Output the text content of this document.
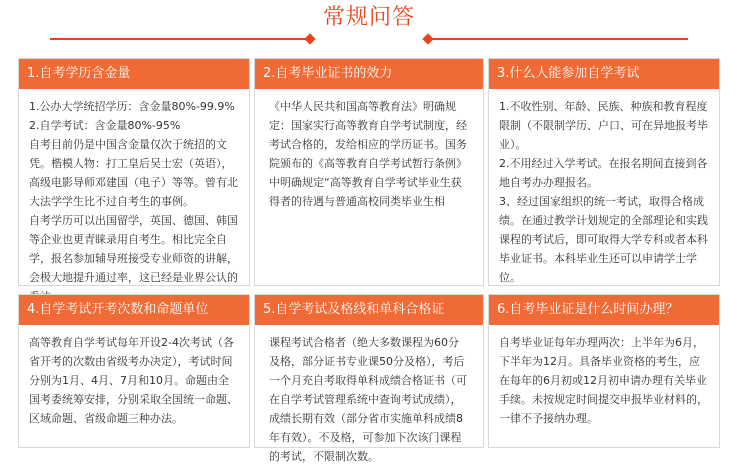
常规问答
1.自考学历含金量

1.公办大学统招学历：含金量80%-99.9%

2.自学考试：含金量80%-95%

自考目前仍是中国含金量仅次于统招的文凭。楷模人物：打工皇后吴士宏（英语），高级电影导师邓建国（电子）等等。曾有北大法学学生比不过自考生的事例。

自考学历可以出国留学，英国、德国、韩国等企业也更青睐录用自考生。相比完全自学，报名参加辅导班接受专业师资的讲解，会极大地提升通过率，这已经是业界公认的

2.自考毕业证书的效力

《中华人民共和国高等教育法》明确规定：国家实行高等教育自学考试制度，经考试合格的，发给相应的学历证书。国务院颁布的《高等教育自学考试暂行条例》中明确规定“高等教育自学考试毕业生获得者的待遇与普通高校同类毕业生相

3.什么人能参加自学考试

1.不收性别、年龄、民族、种族和教育程度限制（不限制学历、户口、可在异地报考毕业）。

2.不用经过入学考试。在报名期间直接到各地自考办办理报名。

3、经过国家组织的统一考试，取得合格成绩。在通过教学计划规定的全部理论和实践课程的考试后，即可取得大学专科或者本科毕业证书。本科毕业生还可以申请学士学位。

4.自学考试开考次数和命题单位

高等教育自学考试每年开设2-4次考试（各省开考的次数由省级考办决定），考试时间分别为1月、4月、7月和10月。命题由全国考委统筹安排，分别采取全国统一命题、区域命题、省级命题三种办法。

5.自学考试及格线和单科合格证

课程考试合格者（绝大多数课程为60分及格，部分证书专业课50分及格），考后一个月充自考取得单科成绩合格证书（可在自学考试管理系统中查询考试成绩），成绩长期有效（部分省市实施单科成绩8年有效）。不及格，可参加下次该门课程的考试，不限制次数。

6.自考毕业证是什么时间办理？

自考毕业证每年办理两次：上半年为6月，下半年为12月。具备毕业资格的考生，应在每年的6月初或12月初申请办理有关毕业手续。未按规定时间提交申报毕业材料的，一律不予接纳办理。
